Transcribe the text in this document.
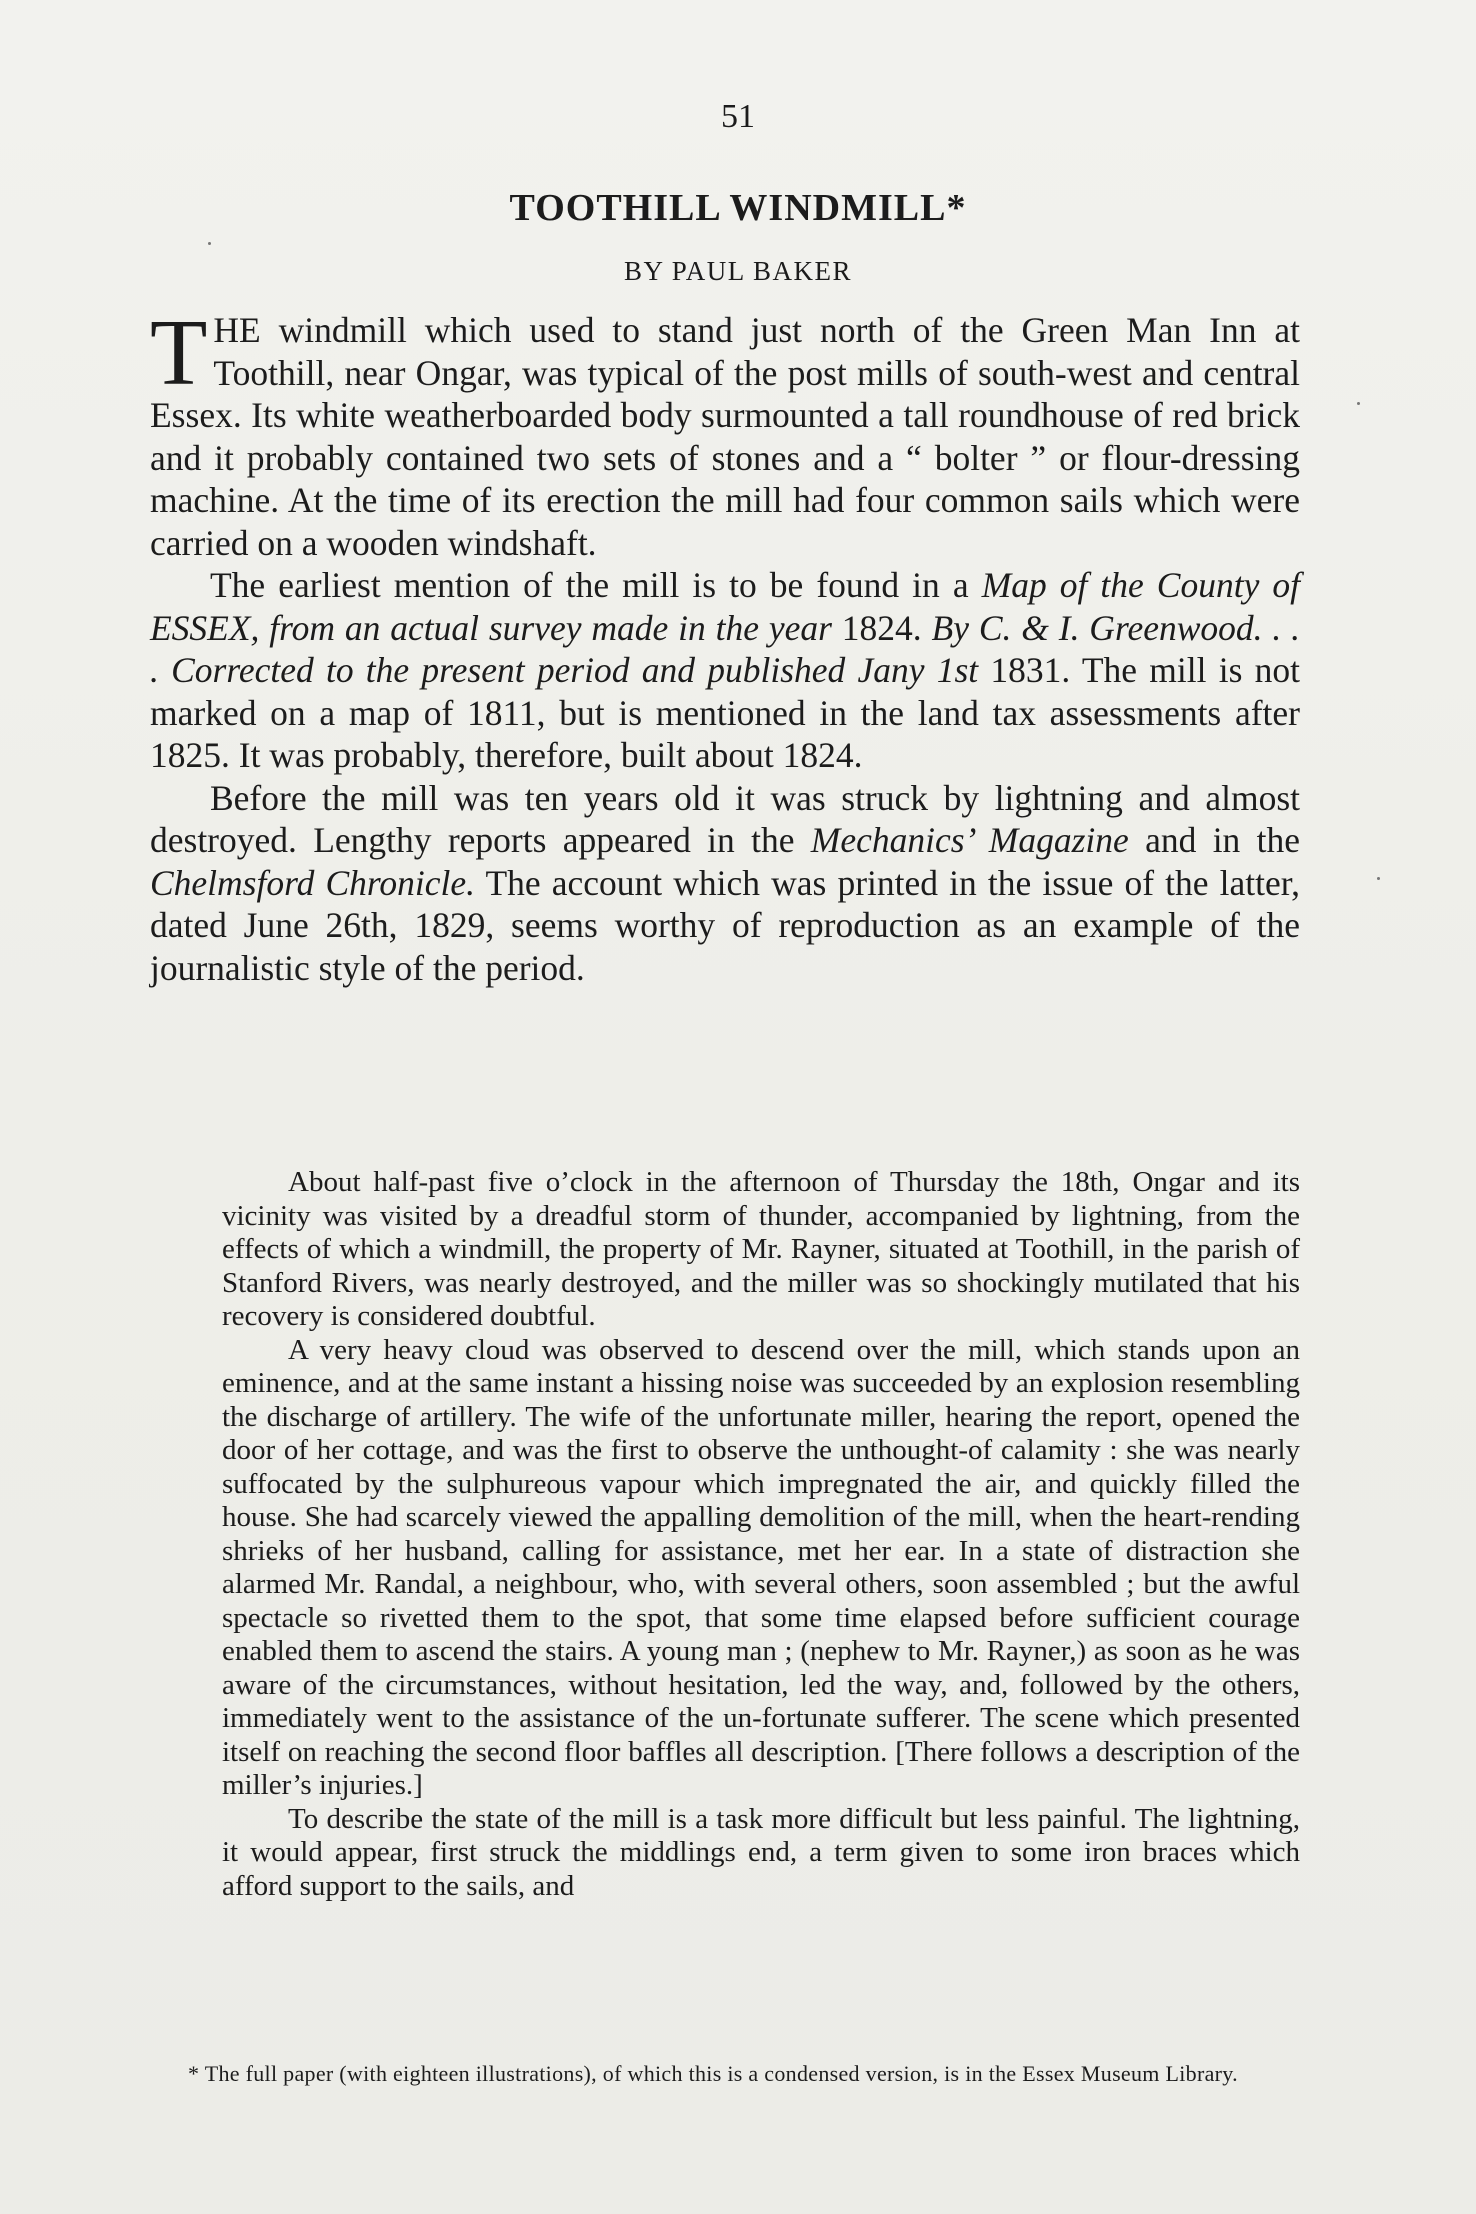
51
TOOTHILL WINDMILL*
BY PAUL BAKER

THE windmill which used to stand just north of the Green Man Inn at Toothill, near Ongar, was typical of the post mills of south-west and central Essex. Its white weatherboarded body surmounted a tall roundhouse of red brick and it probably contained two sets of stones and a “ bolter ” or flour-dressing machine. At the time of its erection the mill had four common sails which were carried on a wooden windshaft.

The earliest mention of the mill is to be found in a Map of the County of ESSEX, from an actual survey made in the year 1824. By C. & I. Greenwood. . . . Corrected to the present period and published Jany 1st 1831. The mill is not marked on a map of 1811, but is mentioned in the land tax assessments after 1825. It was probably, therefore, built about 1824.

Before the mill was ten years old it was struck by lightning and almost destroyed. Lengthy reports appeared in the Mechanics’ Magazine and in the Chelmsford Chronicle. The account which was printed in the issue of the latter, dated June 26th, 1829, seems worthy of reproduction as an example of the journalistic style of the period.

About half-past five o’clock in the afternoon of Thursday the 18th, Ongar and its vicinity was visited by a dreadful storm of thunder, accompanied by lightning, from the effects of which a windmill, the property of Mr. Rayner, situated at Toothill, in the parish of Stanford Rivers, was nearly destroyed, and the miller was so shockingly mutilated that his recovery is considered doubtful.

A very heavy cloud was observed to descend over the mill, which stands upon an eminence, and at the same instant a hissing noise was succeeded by an explosion resembling the discharge of artillery. The wife of the unfortunate miller, hearing the report, opened the door of her cottage, and was the first to observe the unthought-of calamity : she was nearly suffocated by the sulphureous vapour which impregnated the air, and quickly filled the house. She had scarcely viewed the appalling demolition of the mill, when the heart-rending shrieks of her husband, calling for assistance, met her ear. In a state of distraction she alarmed Mr. Randal, a neighbour, who, with several others, soon assembled ; but the awful spectacle so rivetted them to the spot, that some time elapsed before sufficient courage enabled them to ascend the stairs. A young man ; (nephew to Mr. Rayner,) as soon as he was aware of the circumstances, without hesitation, led the way, and, followed by the others, immediately went to the assistance of the un-fortunate sufferer. The scene which presented itself on reaching the second floor baffles all description. [There follows a description of the miller’s injuries.]

To describe the state of the mill is a task more difficult but less painful. The lightning, it would appear, first struck the middlings end, a term given to some iron braces which afford support to the sails, and

* The full paper (with eighteen illustrations), of which this is a condensed version, is in the Essex Museum Library.
